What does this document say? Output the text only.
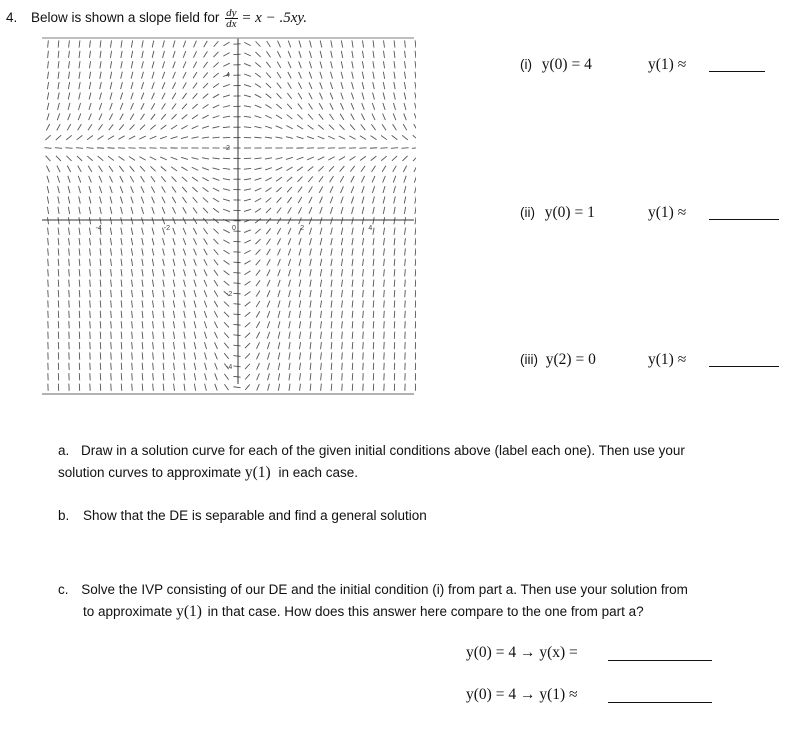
4. Below is shown a slope field for $\frac{dy}{dx} = x - .5xy$.
-4	-2	0	2	4
4
2
-2
-4
(i) y(0) = 4	y(1) ≈
(ii) y(0) = 1	y(1) ≈
(iii) y(2) = 0	y(1) ≈
a. Draw in a solution curve for each of the given initial conditions above (label each one). Then use your
solution curves to approximate y(1) in each case.
b. Show that the DE is separable and find a general solution
c. Solve the IVP consisting of our DE and the initial condition (i) from part a. Then use your solution from
to approximate y(1) in that case. How does this answer here compare to the one from part a?
y(0) = 4 → y(x) =
y(0) = 4 → y(1) ≈
